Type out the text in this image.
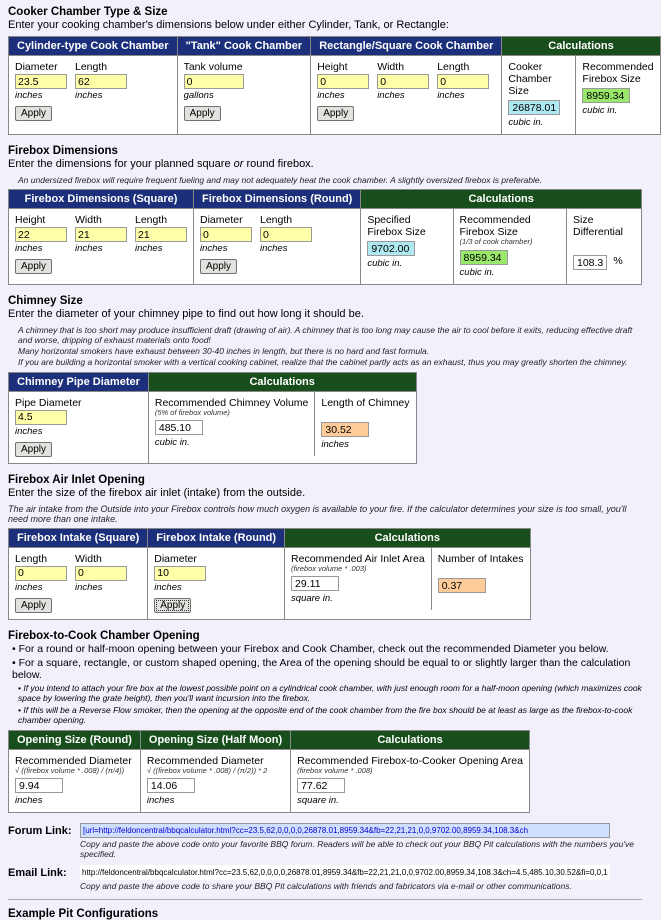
Cooker Chamber Type & Size

Enter your cooking chamber's dimensions below under either Cylinder, Tank, or Rectangle:

Cylinder-type Cook Chamber
Diameter
23.5
inches
Length
62
inches
Apply
"Tank" Cook Chamber
Tank volume
0
gallons
Apply
Rectangle/Square Cook Chamber
Height
0
inches
Width
0
inches
Length
0
inches
Apply
Calculations
Cooker Chamber Size
26878.01
cubic in.
Recommended Firebox Size
8959.34
cubic in.
Firebox Dimensions

Enter the dimensions for your planned square or round firebox.

An undersized firebox will require frequent fueling and may not adequately heat the cook chamber. A slightly oversized firebox is preferable.

Firebox Dimensions (Square)
Height
22
inches
Width
21
inches
Length
21
inches
Apply
Firebox Dimensions (Round)
Diameter
0
inches
Length
0
inches
Apply
Calculations
Specified Firebox Size
9702.00
cubic in.
Recommended Firebox Size
(1/3 of cook chamber)
8959.34
cubic in.
Size Differential
108.3 %
Chimney Size

Enter the diameter of your chimney pipe to find out how long it should be.

A chimney that is too short may produce insufficient draft (drawing of air). A chimney that is too long may cause the air to cool before it exits, reducing effective draft and worse, dripping of exhaust materials onto food!

Many horizontal smokers have exhaust between 30-40 inches in length, but there is no hard and fast formula.

If you are building a horizontal smoker with a vertical cooking cabinet, realize that the cabinet partly acts as an exhaust, thus you may greatly shorten the chimney.

Chimney Pipe Diameter
Pipe Diameter
4.5
inches
Apply
Calculations
Recommended Chimney Volume
(5% of firebox volume)
485.10
cubic in.
Length of Chimney
30.52
inches
Firebox Air Inlet Opening

Enter the size of the firebox air inlet (intake) from the outside.

The air intake from the Outside into your Firebox controls how much oxygen is available to your fire. If the calculator determines your size is too small, you'll need more than one intake.

Firebox Intake (Square)
Length
0
inches
Width
0
inches
Apply
Firebox Intake (Round)
Diameter
10
inches
Apply
Calculations
Recommended Air Inlet Area
(firebox volume * .003)
29.11
square in.
Number of Intakes
0.37
Firebox-to-Cook Chamber Opening

• For a round or half-moon opening between your Firebox and Cook Chamber, check out the recommended Diameter you below.

• For a square, rectangle, or custom shaped opening, the Area of the opening should be equal to or slightly larger than the calculation below.

• If you intend to attach your fire box at the lowest possible point on a cylindrical cook chamber, with just enough room for a half-moon opening (which maximizes cook space by lowering the grate height), then you'll want incursion into the firebox.

• If this will be a Reverse Flow smoker, then the opening at the opposite end of the cook chamber from the fire box should be at least as large as the firebox-to-cook chamber opening.

Opening Size (Round)
Recommended Diameter
√ ((firebox volume * .008) / (π/4))
9.94
inches
Opening Size (Half Moon)
Recommended Diameter
√ ((firebox volume * .008) / (π/2)) * 2
14.06
inches
Calculations
Recommended Firebox-to-Cooker Opening Area
(firebox volume * .008)
77.62
square in.
Forum Link:
[url=http://feldoncentral/bbqcalculator.html?cc=23.5,62,0,0,0,0,26878.01,8959.34&fb=22,21,21,0,0,9702.00,8959.34,108.3&ch
Copy and paste the above code onto your favorite BBQ forum. Readers will be able to check out your BBQ Pit calculations with the numbers you've specified.
Email Link:
http://feldoncentral/bbqcalculator.html?cc=23.5,62,0,0,0,0,26878.01,8959.34&fb=22,21,21,0,0,9702.00,8959.34,108.3&ch=4.5,485.10,30.52&fi=0,0,10,29.11,(
Copy and paste the above code to share your BBQ Pit calculations with friends and fabricators via e-mail or other communications.
Example Pit Configurations
